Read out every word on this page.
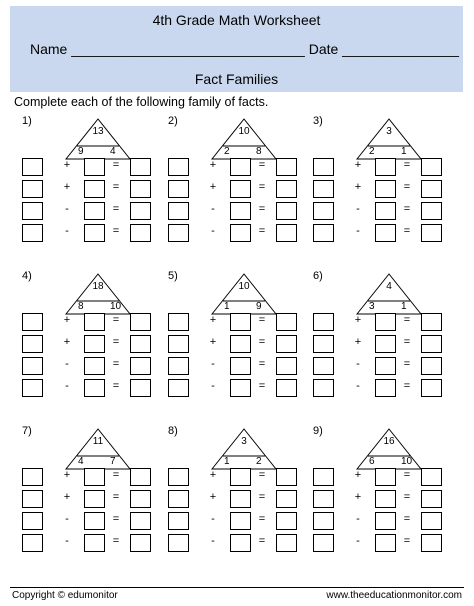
4th Grade Math Worksheet
Name ______________________________ Date _______________
Fact Families
Complete each of the following family of facts.
1)
13
9	4
+	=
+	=
-	=
-	=
2)
10
2	8
+	=
+	=
-	=
-	=
3)
3
2	1
+	=
+	=
-	=
-	=
4)
18
8	10
+	=
+	=
-	=
-	=
5)
10
1	9
+	=
+	=
-	=
-	=
6)
4
3	1
+	=
+	=
-	=
-	=
7)
11
4	7
+	=
+	=
-	=
-	=
8)
3
1	2
+	=
+	=
-	=
-	=
9)
16
6	10
+	=
+	=
-	=
-	=
Copyright © edumonitor	www.theeducationmonitor.com
